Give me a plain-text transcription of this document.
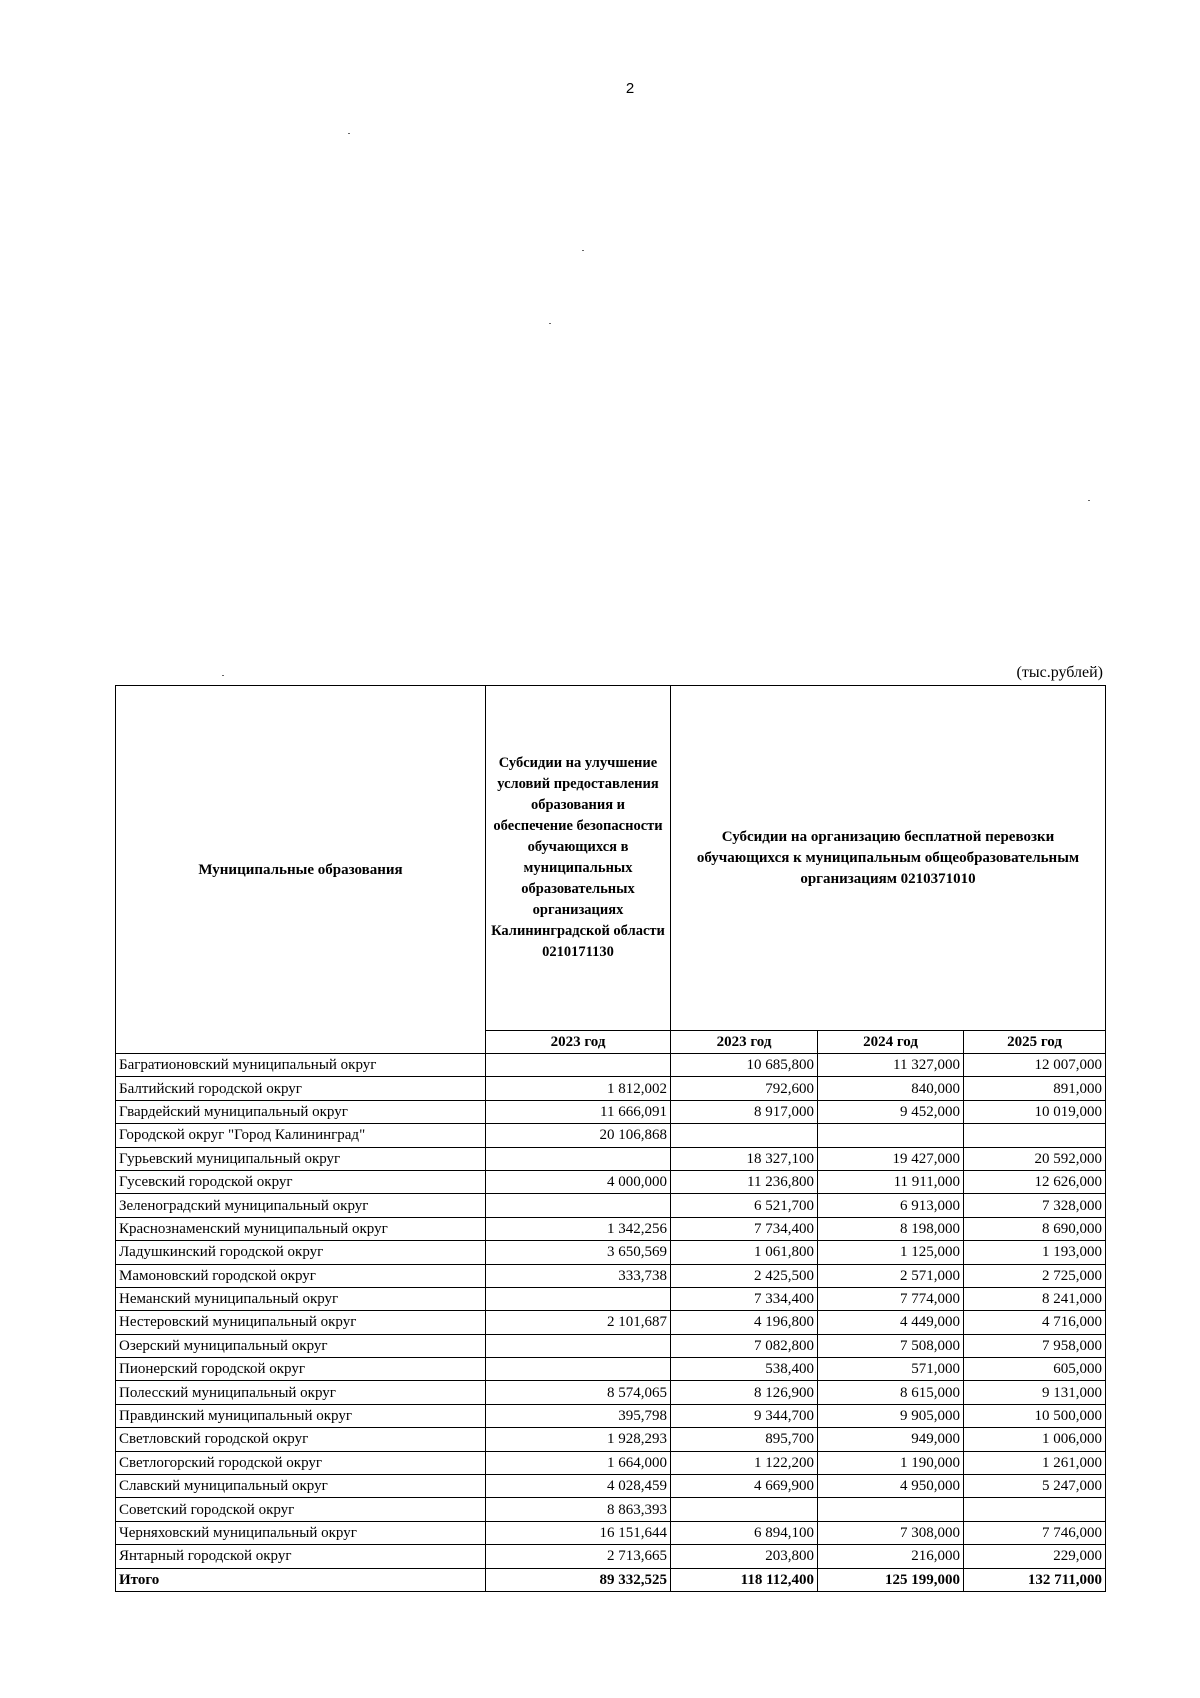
2
(тыс.рублей)
Муниципальные образования	Субсидии на улучшение условий предоставления образования и обеспечение безопасности обучающихся в муниципальных образовательных организациях Калининградской области 0210171130	Субсидии на организацию бесплатной перевозки обучающихся к муниципальным общеобразовательным организациям 0210371010		
	2023 год	2023 год	2024 год	2025 год
Багратионовский муниципальный округ		10 685,800	11 327,000	12 007,000
Балтийский городской округ	1 812,002	792,600	840,000	891,000
Гвардейский муниципальный округ	11 666,091	8 917,000	9 452,000	10 019,000
Городской округ "Город Калининград"	20 106,868			
Гурьевский муниципальный округ		18 327,100	19 427,000	20 592,000
Гусевский городской округ	4 000,000	11 236,800	11 911,000	12 626,000
Зеленоградский муниципальный округ		6 521,700	6 913,000	7 328,000
Краснознаменский муниципальный округ	1 342,256	7 734,400	8 198,000	8 690,000
Ладушкинский городской округ	3 650,569	1 061,800	1 125,000	1 193,000
Мамоновский городской округ	333,738	2 425,500	2 571,000	2 725,000
Неманский муниципальный округ		7 334,400	7 774,000	8 241,000
Нестеровский муниципальный округ	2 101,687	4 196,800	4 449,000	4 716,000
Озерский муниципальный округ		7 082,800	7 508,000	7 958,000
Пионерский городской округ		538,400	571,000	605,000
Полесский муниципальный округ	8 574,065	8 126,900	8 615,000	9 131,000
Правдинский муниципальный округ	395,798	9 344,700	9 905,000	10 500,000
Светловский городской округ	1 928,293	895,700	949,000	1 006,000
Светлогорский городской округ	1 664,000	1 122,200	1 190,000	1 261,000
Славский муниципальный округ	4 028,459	4 669,900	4 950,000	5 247,000
Советский городской округ	8 863,393			
Черняховский муниципальный округ	16 151,644	6 894,100	7 308,000	7 746,000
Янтарный городской округ	2 713,665	203,800	216,000	229,000
Итого	89 332,525	118 112,400	125 199,000	132 711,000
